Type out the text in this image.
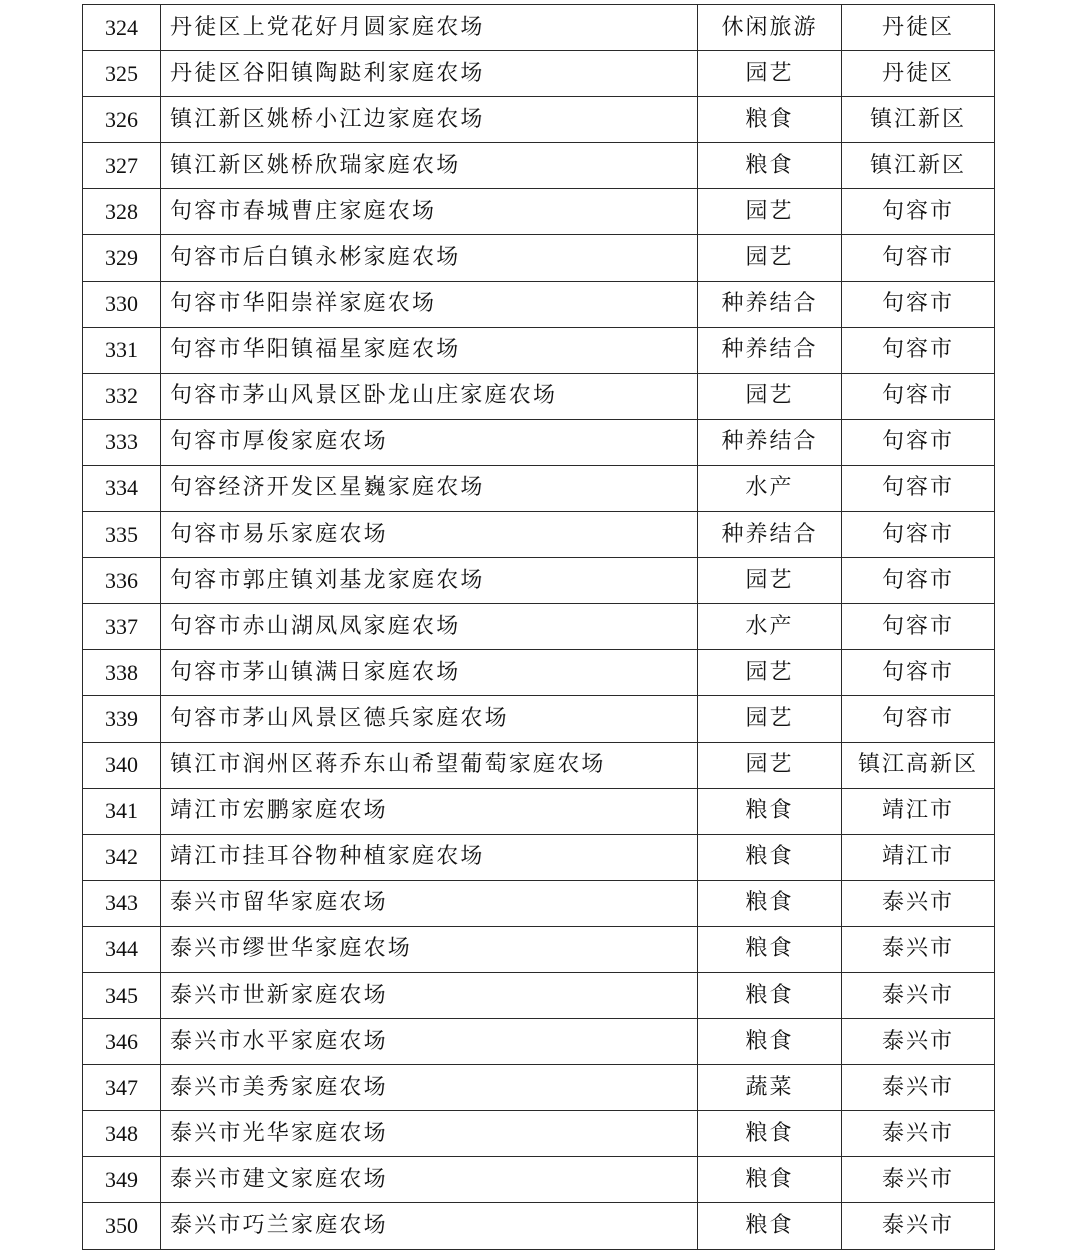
324	丹徒区上党花好月圆家庭农场	休闲旅游	丹徒区
325	丹徒区谷阳镇陶跶利家庭农场	园艺	丹徒区
326	镇江新区姚桥小江边家庭农场	粮食	镇江新区
327	镇江新区姚桥欣瑞家庭农场	粮食	镇江新区
328	句容市春城曹庄家庭农场	园艺	句容市
329	句容市后白镇永彬家庭农场	园艺	句容市
330	句容市华阳崇祥家庭农场	种养结合	句容市
331	句容市华阳镇福星家庭农场	种养结合	句容市
332	句容市茅山风景区卧龙山庄家庭农场	园艺	句容市
333	句容市厚俊家庭农场	种养结合	句容市
334	句容经济开发区星巍家庭农场	水产	句容市
335	句容市易乐家庭农场	种养结合	句容市
336	句容市郭庄镇刘基龙家庭农场	园艺	句容市
337	句容市赤山湖凤凤家庭农场	水产	句容市
338	句容市茅山镇满日家庭农场	园艺	句容市
339	句容市茅山风景区德兵家庭农场	园艺	句容市
340	镇江市润州区蒋乔东山希望葡萄家庭农场	园艺	镇江高新区
341	靖江市宏鹏家庭农场	粮食	靖江市
342	靖江市挂耳谷物种植家庭农场	粮食	靖江市
343	泰兴市留华家庭农场	粮食	泰兴市
344	泰兴市缪世华家庭农场	粮食	泰兴市
345	泰兴市世新家庭农场	粮食	泰兴市
346	泰兴市水平家庭农场	粮食	泰兴市
347	泰兴市美秀家庭农场	蔬菜	泰兴市
348	泰兴市光华家庭农场	粮食	泰兴市
349	泰兴市建文家庭农场	粮食	泰兴市
350	泰兴市巧兰家庭农场	粮食	泰兴市
